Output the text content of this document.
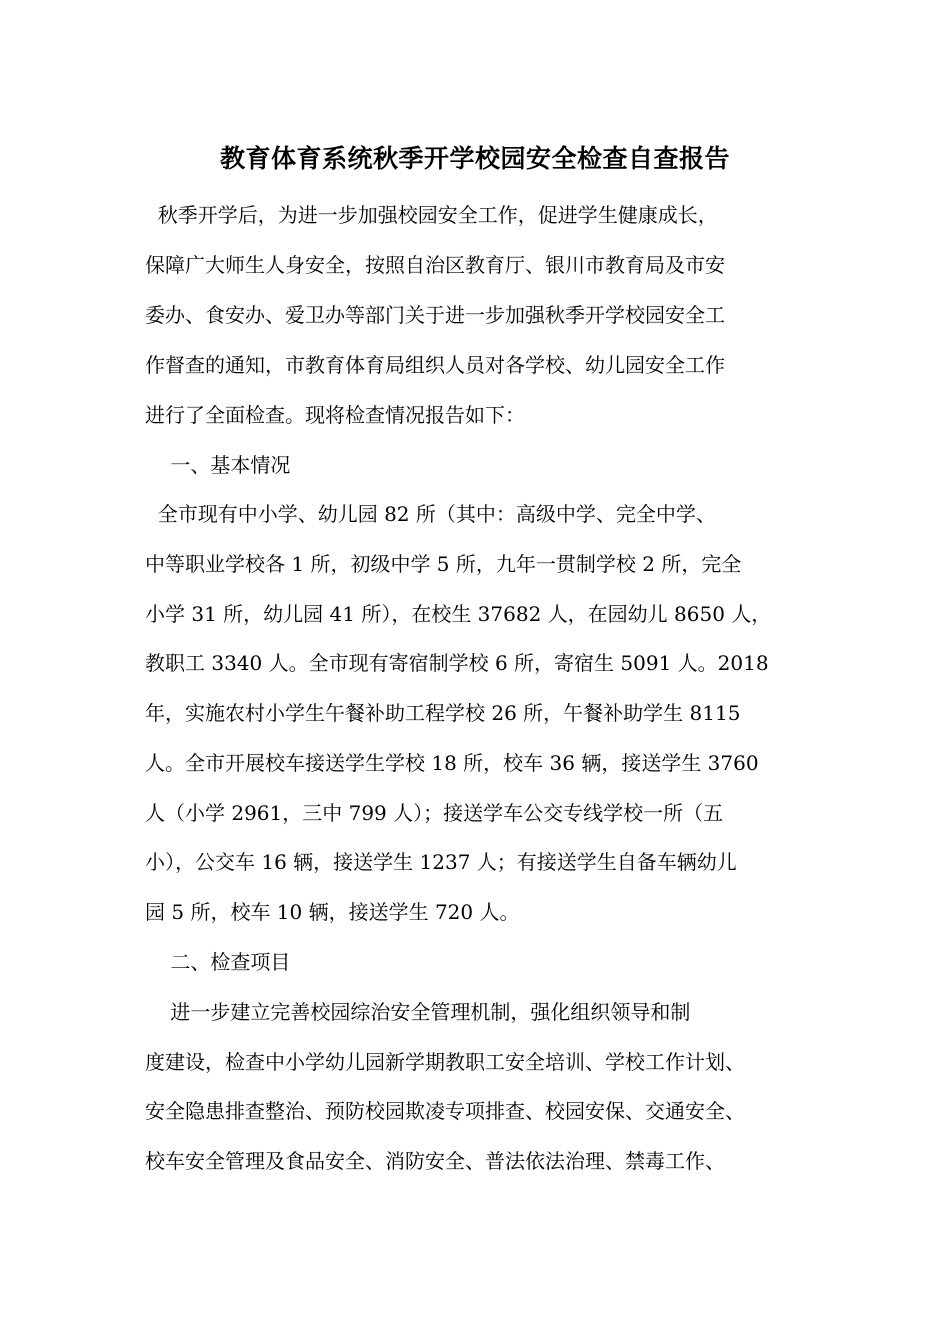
教育体育系统秋季开学校园安全检查自查报告
秋季开学后，为进一步加强校园安全工作，促进学生健康成长，
保障广大师生人身安全，按照自治区教育厅、银川市教育局及市安
委办、食安办、爱卫办等部门关于进一步加强秋季开学校园安全工
作督查的通知，市教育体育局组织人员对各学校、幼儿园安全工作
进行了全面检查。现将检查情况报告如下：
一、基本情况
全市现有中小学、幼儿园 82 所（其中：高级中学、完全中学、
中等职业学校各 1 所，初级中学 5 所，九年一贯制学校 2 所，完全
小学 31 所，幼儿园 41 所），在校生 37682 人，在园幼儿 8650 人，
教职工 3340 人。全市现有寄宿制学校 6 所，寄宿生 5091 人。2018
年，实施农村小学生午餐补助工程学校 26 所，午餐补助学生 8115
人。全市开展校车接送学生学校 18 所，校车 36 辆，接送学生 3760
人（小学 2961，三中 799 人）；接送学车公交专线学校一所（五
小），公交车 16 辆，接送学生 1237 人；有接送学生自备车辆幼儿
园 5 所，校车 10 辆，接送学生 720 人。
二、检查项目
进一步建立完善校园综治安全管理机制，强化组织领导和制
度建设，检查中小学幼儿园新学期教职工安全培训、学校工作计划、
安全隐患排查整治、预防校园欺凌专项排查、校园安保、交通安全、
校车安全管理及食品安全、消防安全、普法依法治理、禁毒工作、
